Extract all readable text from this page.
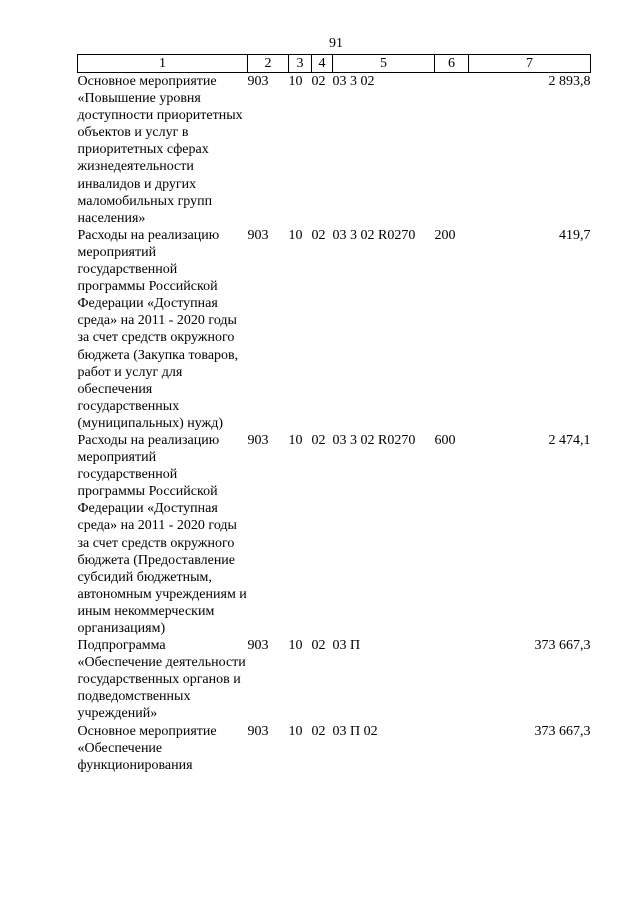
91
1	2	3	4	5	6	7
Основное мероприятие «Повышение уровня доступности приоритетных объектов и услуг в приоритетных сферах жизнедеятельности инвалидов и других маломобильных групп населения»	903	10	02	03 3 02		2 893,8
Расходы на реализацию мероприятий государственной программы Российской Федерации «Доступная среда» на 2011 - 2020 годы за счет средств окружного бюджета (Закупка товаров, работ и услуг для обеспечения государственных (муниципальных) нужд)	903	10	02	03 3 02 R0270	200	419,7
Расходы на реализацию мероприятий государственной программы Российской Федерации «Доступная среда» на 2011 - 2020 годы за счет средств окружного бюджета (Предоставление субсидий бюджетным, автономным учреждениям и иным некоммерческим организациям)	903	10	02	03 3 02 R0270	600	2 474,1
Подпрограмма «Обеспечение деятельности государственных органов и подведомственных учреждений»	903	10	02	03 П		373 667,3
Основное мероприятие «Обеспечение функционирования	903	10	02	03 П 02		373 667,3
